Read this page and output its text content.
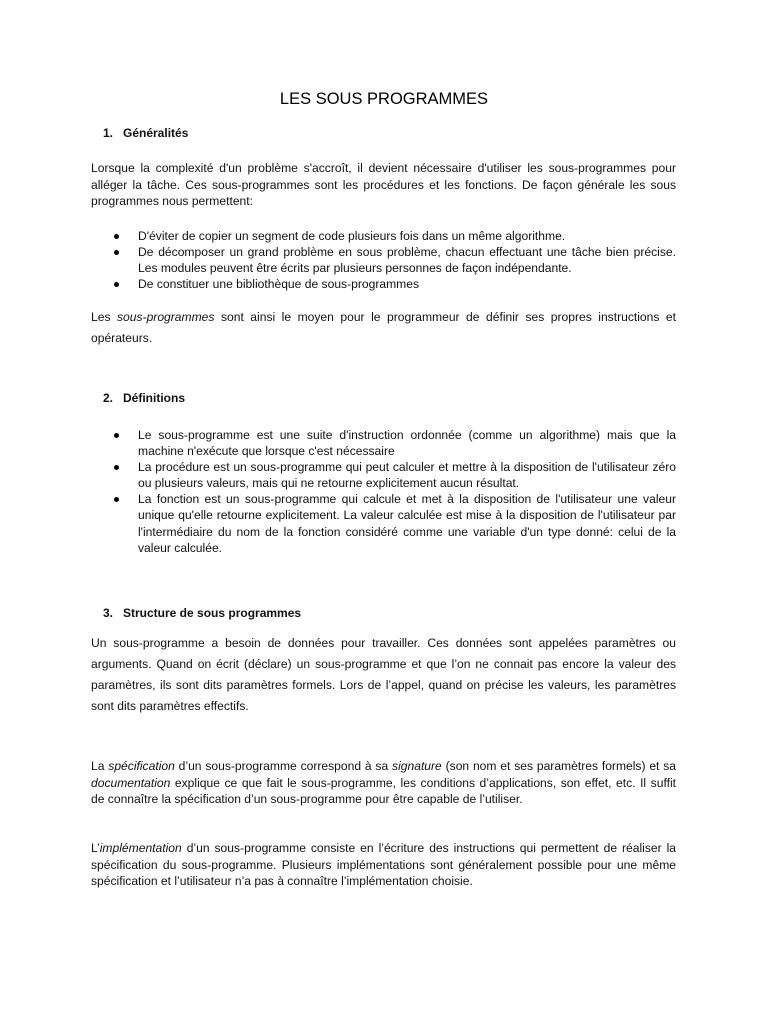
LES SOUS PROGRAMMES
1. Généralités
Lorsque la complexité d'un problème s'accroît, il devient nécessaire d'utiliser les sous-programmes pour alléger la tâche. Ces sous-programmes sont les procédures et les fonctions. De façon générale les sous programmes nous permettent:
D'éviter de copier un segment de code plusieurs fois dans un même algorithme.
De décomposer un grand problème en sous problème, chacun effectuant une tâche bien précise. Les modules peuvent être écrits par plusieurs personnes de façon indépendante.
De constituer une bibliothèque de sous-programmes
Les sous-programmes sont ainsi le moyen pour le programmeur de définir ses propres instructions et opérateurs.
2. Définitions
Le sous-programme est une suite d'instruction ordonnée (comme un algorithme) mais que la machine n'exécute que lorsque c'est nécessaire
La procédure est un sous-programme qui peut calculer et mettre à la disposition de l'utilisateur zéro ou plusieurs valeurs, mais qui ne retourne explicitement aucun résultat.
La fonction est un sous-programme qui calcule et met à la disposition de l'utilisateur une valeur unique qu'elle retourne explicitement. La valeur calculée est mise à la disposition de l'utilisateur par l'intermédiaire du nom de la fonction considéré comme une variable d'un type donné: celui de la valeur calculée.
3. Structure de sous programmes
Un sous-programme a besoin de données pour travailler. Ces données sont appelées paramètres ou arguments. Quand on écrit (déclare) un sous-programme et que l’on ne connait pas encore la valeur des paramètres, ils sont dits paramètres formels. Lors de l’appel, quand on précise les valeurs, les paramètres sont dits paramètres effectifs.
La spécification d’un sous-programme correspond à sa signature (son nom et ses paramètres formels) et sa documentation explique ce que fait le sous-programme, les conditions d’applications, son effet, etc. Il suffit de connaître la spécification d’un sous-programme pour être capable de l’utiliser.
L’implémentation d’un sous-programme consiste en l’écriture des instructions qui permettent de réaliser la spécification du sous-programme. Plusieurs implémentations sont généralement possible pour une même spécification et l’utilisateur n’a pas à connaître l’implémentation choisie.
